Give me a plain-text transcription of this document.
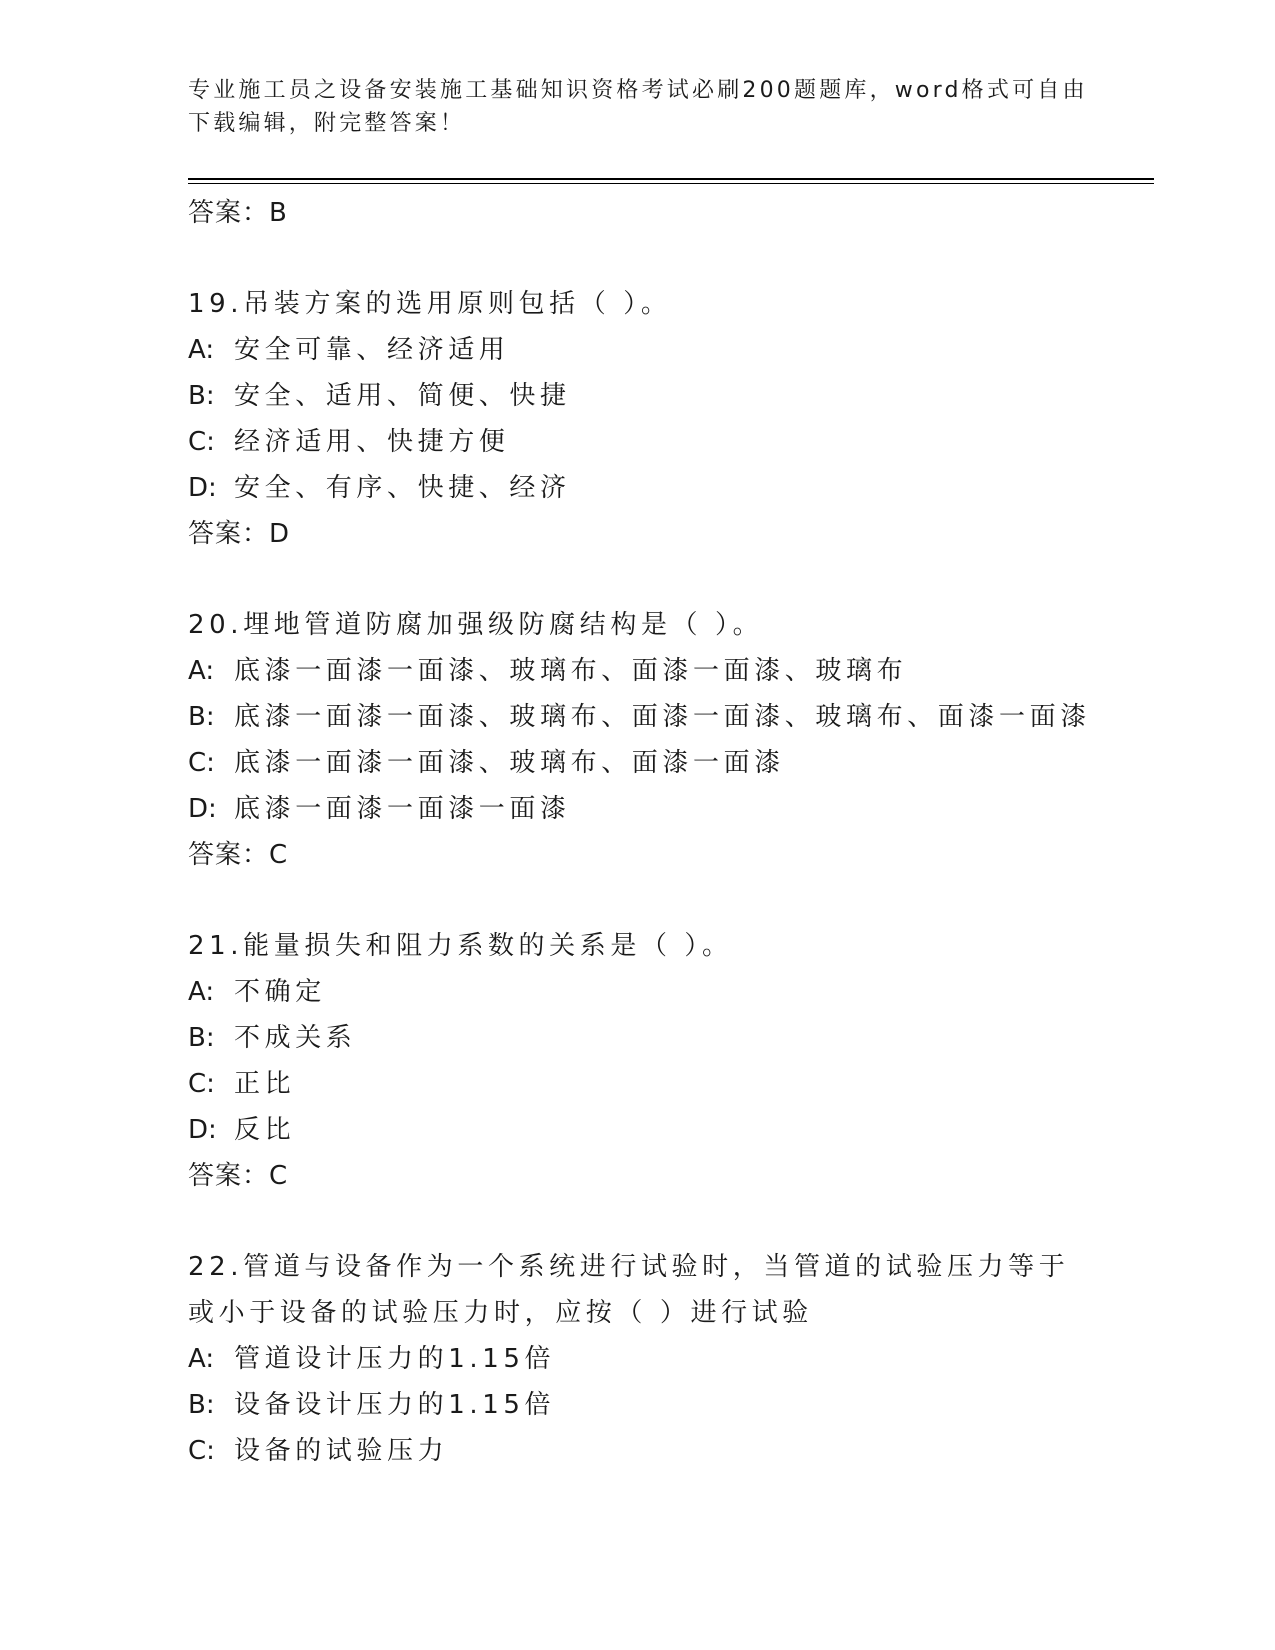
专业施工员之设备安装施工基础知识资格考试必刷200题题库，word格式可自由
下载编辑，附完整答案！
答案：B
19.吊装方案的选用原则包括（ ）。
A: 安全可靠、经济适用
B: 安全、适用、简便、快捷
C: 经济适用、快捷方便
D: 安全、有序、快捷、经济
答案：D
20.埋地管道防腐加强级防腐结构是（ ）。
A: 底漆一面漆一面漆、玻璃布、面漆一面漆、玻璃布
B: 底漆一面漆一面漆、玻璃布、面漆一面漆、玻璃布、面漆一面漆
C: 底漆一面漆一面漆、玻璃布、面漆一面漆
D: 底漆一面漆一面漆一面漆
答案：C
21.能量损失和阻力系数的关系是（ ）。
A: 不确定
B: 不成关系
C: 正比
D: 反比
答案：C
22.管道与设备作为一个系统进行试验时，当管道的试验压力等于或小于设备的试验压力时，应按（ ）进行试验
A: 管道设计压力的1.15倍
B: 设备设计压力的1.15倍
C: 设备的试验压力
